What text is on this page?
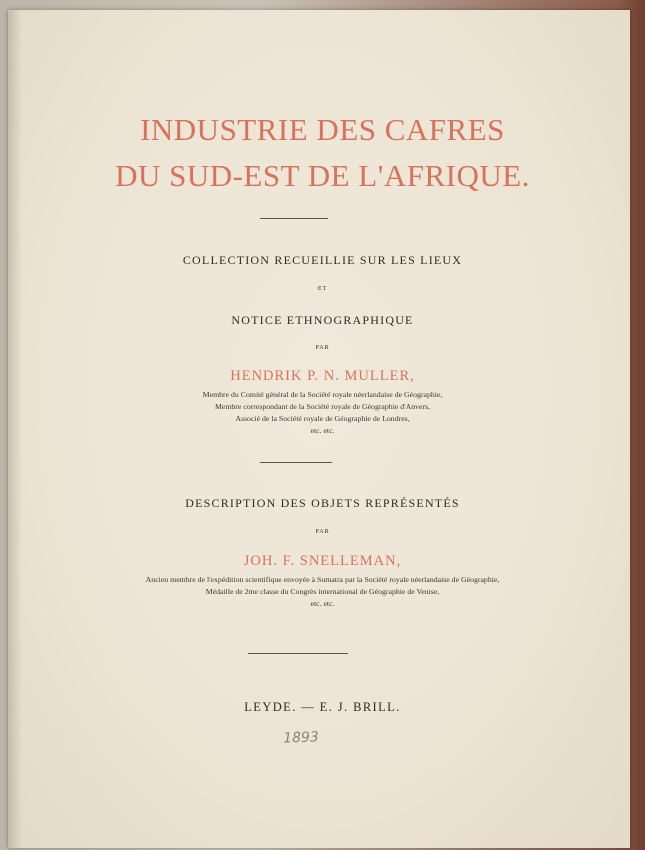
INDUSTRIE DES CAFRES
DU SUD-EST DE L'AFRIQUE.
COLLECTION RECUEILLIE SUR LES LIEUX
ET
NOTICE ETHNOGRAPHIQUE
PAR
HENDRIK P. N. MULLER,
Membre du Comité général de la Société royale néerlandaise de Géographie,
Membre correspondant de la Société royale de Géographie d'Anvers,
Associé de la Société royale de Géographie de Londres,
etc. etc.
DESCRIPTION DES OBJETS REPRÉSENTÉS
PAR
JOH. F. SNELLEMAN,
Ancien membre de l'expédition scientifique envoyée à Sumatra par la Société royale néerlandaise de Géographie,
Médaille de 2me classe du Congrès international de Géographie de Venise,
etc. etc.
LEYDE. — E. J. BRILL.
1893
